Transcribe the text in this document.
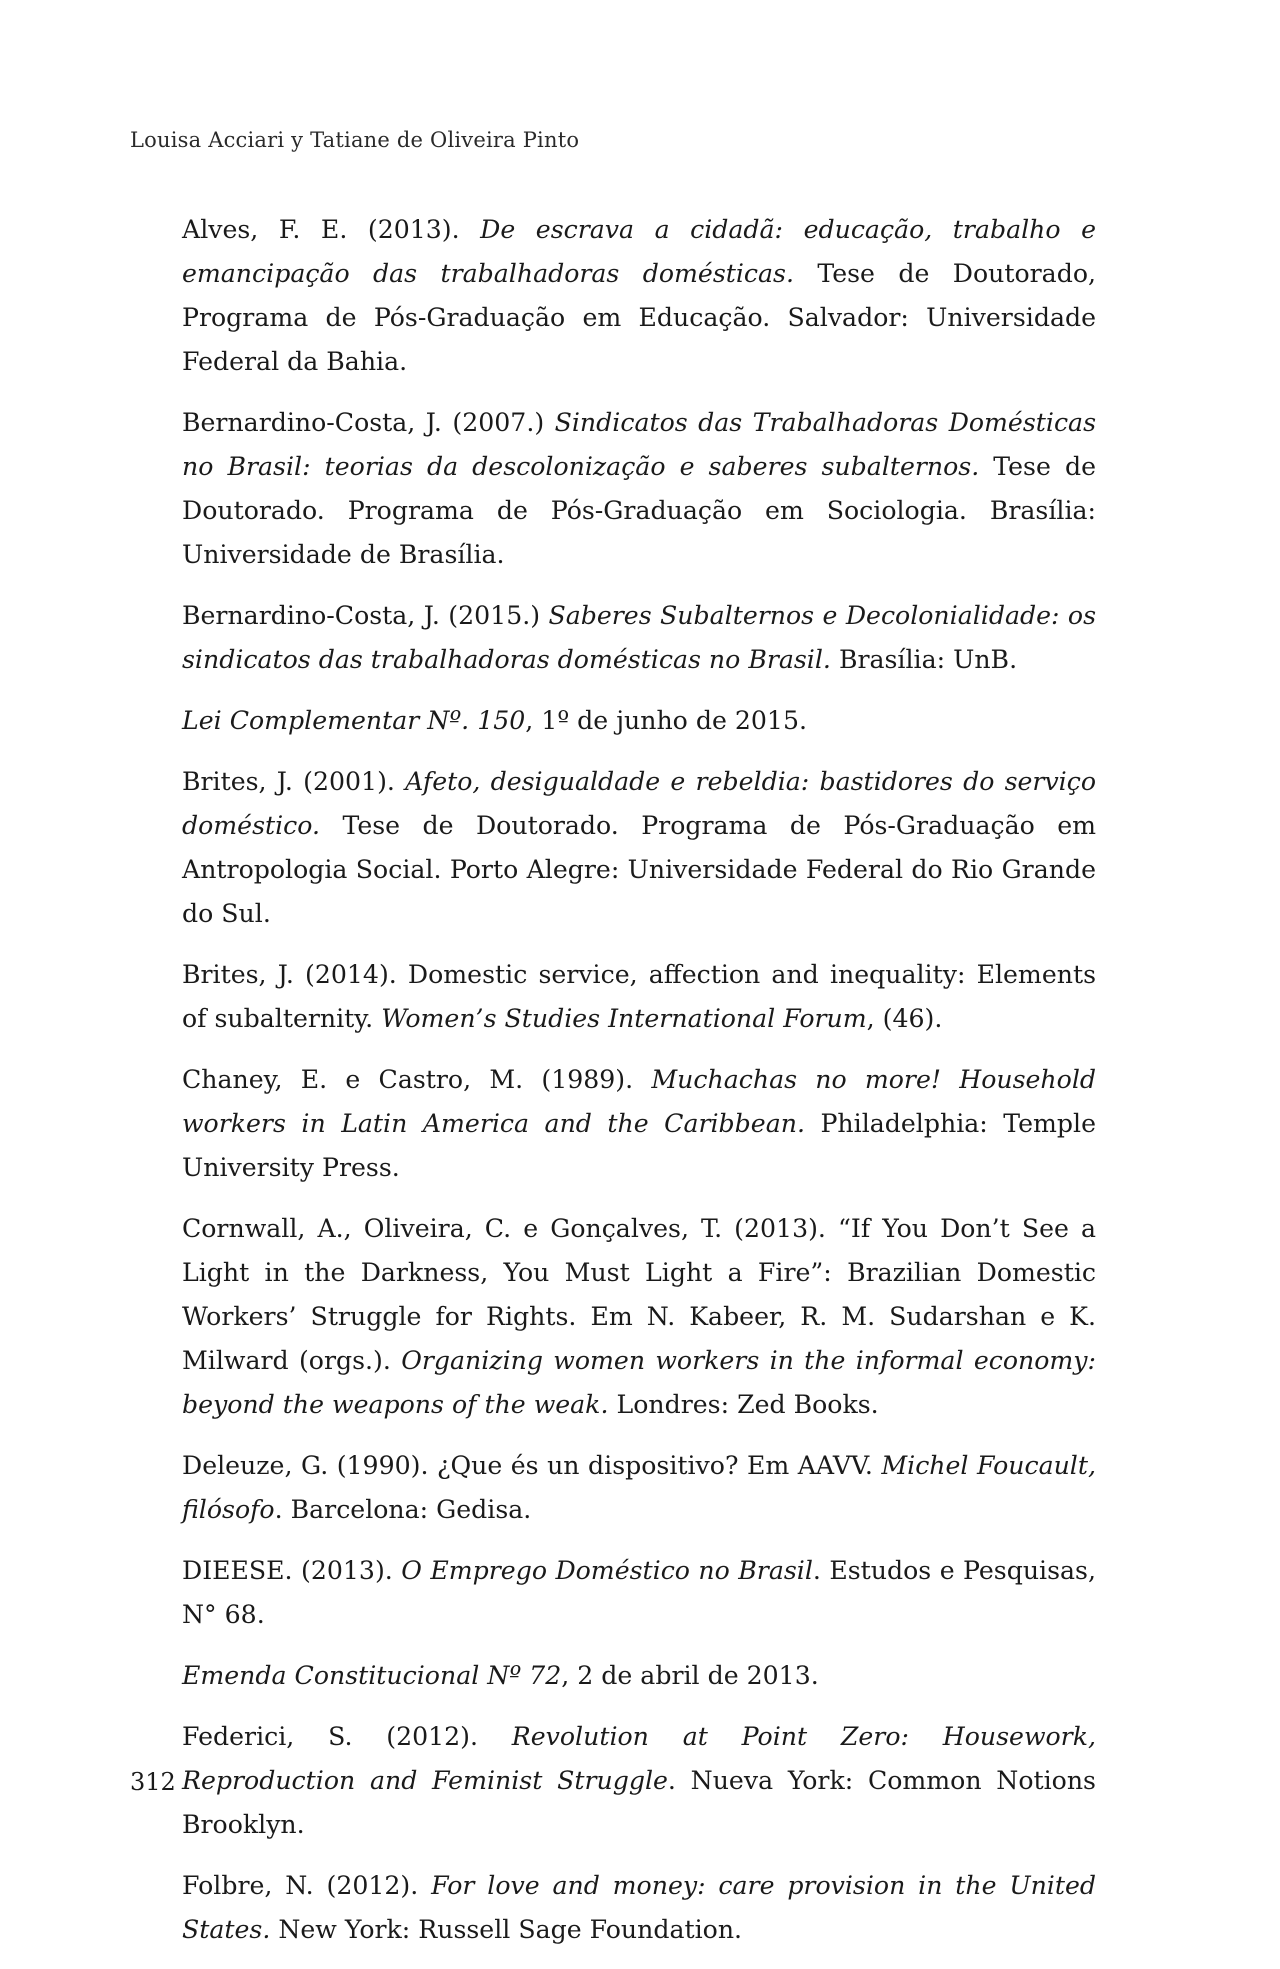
Louisa Acciari y Tatiane de Oliveira Pinto

Alves, F. E. (2013). De escrava a cidadã: educação, trabalho e emancipação das trabalhadoras domésticas. Tese de Doutorado, Programa de Pós-Graduação em Educação. Salvador: Universidade Federal da Bahia.

Bernardino-Costa, J. (2007.) Sindicatos das Trabalhadoras Domésticas no Brasil: teorias da descolonização e saberes subalternos. Tese de Doutorado. Programa de Pós-Graduação em Sociologia. Brasília: Universidade de Brasília.

Bernardino-Costa, J. (2015.) Saberes Subalternos e Decolonialidade: os sindicatos das trabalhadoras domésticas no Brasil. Brasília: UnB.

Lei Complementar Nº. 150, 1º de junho de 2015.

Brites, J. (2001). Afeto, desigualdade e rebeldia: bastidores do serviço doméstico. Tese de Doutorado. Programa de Pós-Graduação em Antropologia Social. Porto Alegre: Universidade Federal do Rio Grande do Sul.

Brites, J. (2014). Domestic service, affection and inequality: Elements of subalternity. Women’s Studies International Forum, (46).

Chaney, E. e Castro, M. (1989). Muchachas no more! Household workers in Latin America and the Caribbean. Philadelphia: Temple University Press.

Cornwall, A., Oliveira, C. e Gonçalves, T. (2013). “If You Don’t See a Light in the Darkness, You Must Light a Fire”: Brazilian Domestic Workers’ Struggle for Rights. Em N. Kabeer, R. M. Sudarshan e K. Milward (orgs.). Organizing women workers in the informal economy: beyond the weapons of the weak. Londres: Zed Books.

Deleuze, G. (1990). ¿Que és un dispositivo? Em AAVV. Michel Foucault, filósofo. Barcelona: Gedisa.

DIEESE. (2013). O Emprego Doméstico no Brasil. Estudos e Pesquisas, N° 68.

Emenda Constitucional Nº 72, 2 de abril de 2013.

Federici, S. (2012). Revolution at Point Zero: Housework, Reproduction and Feminist Struggle. Nueva York: Common Notions Brooklyn.

Folbre, N. (2012). For love and money: care provision in the United States. New York: Russell Sage Foundation.

312
